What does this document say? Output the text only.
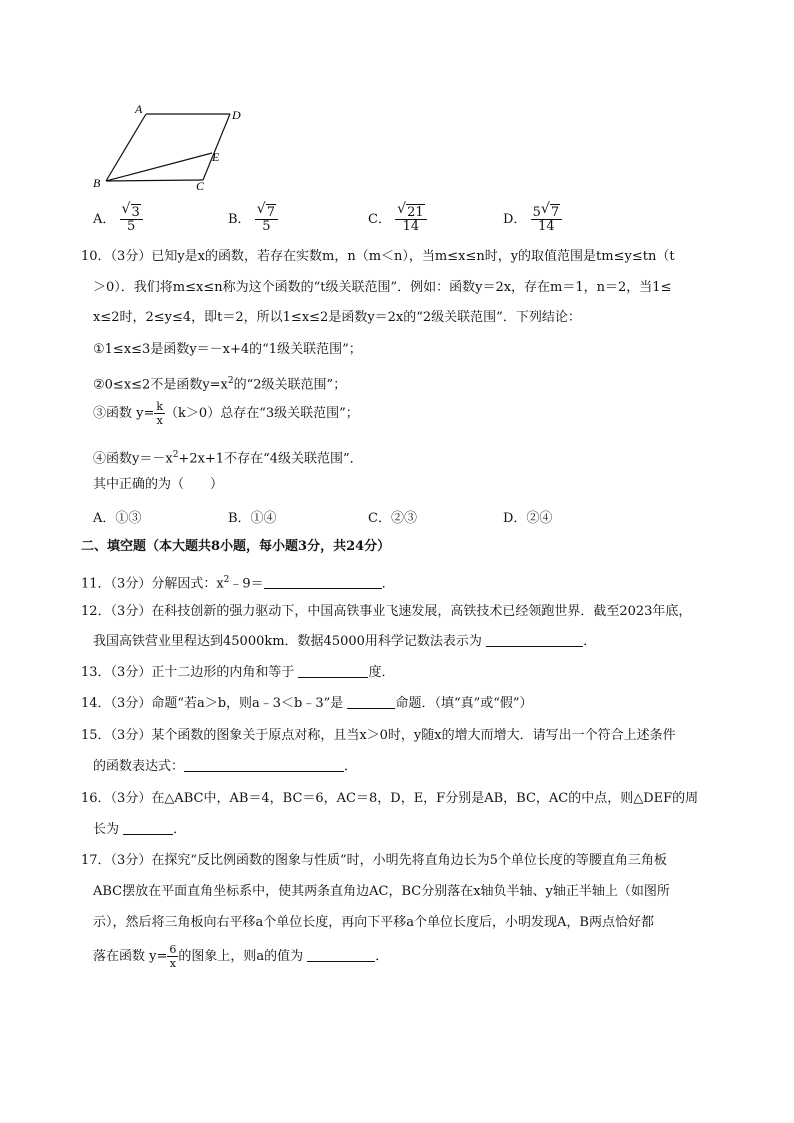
A	D
E
B	C
A． $\frac{√ 3}{5}$	B． $\frac{√ 7}{5}$	C． $\frac{√ 21}{14}$	D． $\frac{5 √ 7}{14}$
10．（3分）已知y是x的函数，若存在实数m，n（m＜n），当m≤x≤n时，y的取值范围是tm≤y≤tn（t
＞0）．我们将m≤x≤n称为这个函数的“t级关联范围”．例如：函数y＝2x，存在m＝1，n＝2，当1≤
x≤2时，2≤y≤4，即t＝2，所以1≤x≤2是函数y＝2x的“2级关联范围”．下列结论：
①1≤x≤3是函数y＝－x+4的“1级关联范围”；
②0≤x≤2不是函数$y=x^2$的“2级关联范围”；
③函数 $y= \frac{k}{x} (k>0)$总存在“3级关联范围”；
④函数$y=-x^2+2x+1$不存在“4级关联范围”．
其中正确的为（　　）
A．①③	B．①④	C．②③	D．②④
二、填空题（本大题共8小题，每小题3分，共24分）
11．（3分）分解因式：$x^2﹣9=$	．
12．（3分）在科技创新的强力驱动下，中国高铁事业飞速发展，高铁技术已经领跑世界．截至2023年底，
我国高铁营业里程达到45000km．数据45000用科学记数法表示为	．
13．（3分）正十二边形的内角和等于	度．
14．（3分）命题“若a＞b，则a﹣3＜b﹣3”是	命题．（填“真”或“假”）
15．（3分）某个函数的图象关于原点对称，且当x＞0时，y随x的增大而增大．请写出一个符合上述条件
的函数表达式：	．
16．（3分）在△ABC中，AB＝4，BC＝6，AC＝8，D，E，F分别是AB，BC，AC的中点，则△DEF的周
长为	．
17．（3分）在探究“反比例函数的图象与性质”时，小明先将直角边长为5个单位长度的等腰直角三角板
ABC摆放在平面直角坐标系中，使其两条直角边AC，BC分别落在x轴负半轴、y轴正半轴上（如图所
示），然后将三角板向右平移a个单位长度，再向下平移a个单位长度后，小明发现A，B两点恰好都
落在函数 $y= \frac{6}{x}$ 的图象上，则a的值为	．
